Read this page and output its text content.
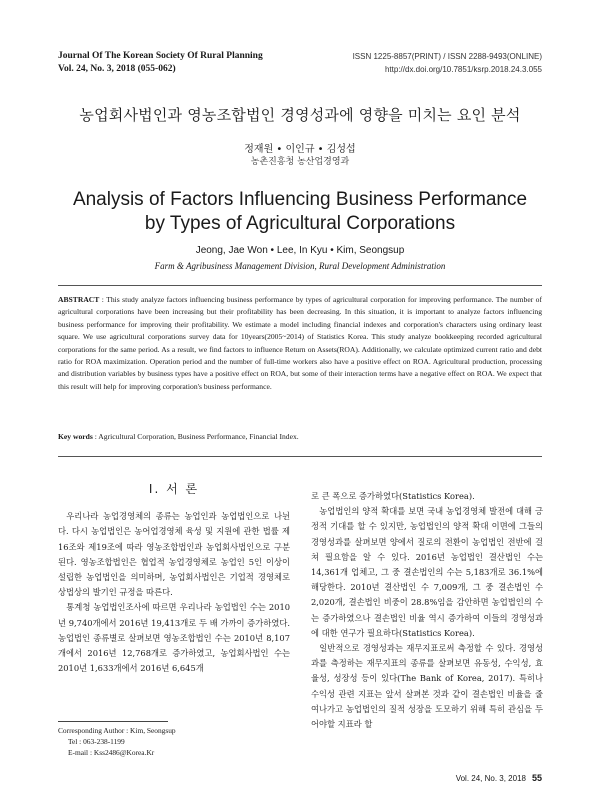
Journal Of The Korean Society Of Rural Planning
Vol. 24, No. 3, 2018 (055-062)
ISSN 1225-8857(PRINT) / ISSN 2288-9493(ONLINE)
http://dx.doi.org/10.7851/ksrp.2018.24.3.055
농업회사법인과 영농조합법인 경영성과에 영향을 미치는 요인 분석
정재원 • 이인규 • 김성섭
농촌진흥청 농산업경영과
Analysis of Factors Influencing Business Performance
by Types of Agricultural Corporations
Jeong, Jae Won • Lee, In Kyu • Kim, Seongsup
Farm & Agribusiness Management Division, Rural Development Administration
ABSTRACT : This study analyze factors influencing business performance by types of agricultural corporation for improving performance. The number of agricultural corporations have been increasing but their profitability has been decreasing. In this situation, it is important to analyze factors influencing business performance for improving their profitability. We estimate a model including financial indexes and corporation's characters using ordinary least square. We use agricultural corporations survey data for 10years(2005~2014) of Statistics Korea. This study analyze bookkeeping recorded agricultural corporations for the same period. As a result, we find factors to influence Return on Assets(ROA). Additionally, we calculate optimized current ratio and debt ratio for ROA maximization. Operation period and the number of full-time workers also have a positive effect on ROA. Agricultural production, processing and distribution variables by business types have a positive effect on ROA, but some of their interaction terms have a negative effect on ROA. We expect that this result will help for improving corporation's business performance.
Key words : Agricultural Corporation, Business Performance, Financial Index.
Ⅰ. 서 론

우리나라 농업경영체의 종류는 농업인과 농업법인으로 나뉜다. 다시 농업법인은 농어업경영체 육성 및 지원에 관한 법률 제16조와 제19조에 따라 영농조합법인과 농업회사법인으로 구분된다. 영농조합법인은 협업적 농업경영체로 농업인 5인 이상이 설립한 농업법인을 의미하며, 농업회사법인은 기업적 경영체로 상법상의 발기인 규정을 따른다.

통계청 농업법인조사에 따르면 우리나라 농업법인 수는 2010년 9,740개에서 2016년 19,413개로 두 배 가까이 증가하였다. 농업법인 종류별로 살펴보면 영농조합법인 수는 2010년 8,107개에서 2016년 12,768개로 증가하였고, 농업회사법인 수는 2010년 1,633개에서 2016년 6,645개

로 큰 폭으로 증가하였다(Statistics Korea).

농업법인의 양적 확대를 보면 국내 농업경영체 발전에 대해 긍정적 기대를 할 수 있지만, 농업법인의 양적 확대 이면에 그들의 경영성과를 살펴보면 양에서 질로의 전환이 농업법인 전반에 걸쳐 필요함을 알 수 있다. 2016년 농업법인 결산법인 수는 14,361개 업체고, 그 중 결손법인의 수는 5,183개로 36.1%에 해당한다. 2010년 결산법인 수 7,009개, 그 중 결손법인 수 2,020개, 결손법인 비중이 28.8%임을 감안하면 농업법인의 수는 증가하였으나 결손법인 비율 역시 증가하여 이들의 경영성과에 대한 연구가 필요하다(Statistics Korea).

일반적으로 경영성과는 재무지표로써 측정할 수 있다. 경영성과를 측정하는 재무지표의 종류를 살펴보면 유동성, 수익성, 효율성, 성장성 등이 있다(The Bank of Korea, 2017). 특히나 수익성 관련 지표는 앞서 살펴본 것과 같이 결손법인 비율을 줄여나가고 농업법인의 질적 성장을 도모하기 위해 특히 관심을 두어야할 지표라 할

Corresponding Author : Kim, Seongsup
Tel : 063-238-1199
E-mail : Kss2486@Korea.Kr
Vol. 24, No. 3, 2018 55
